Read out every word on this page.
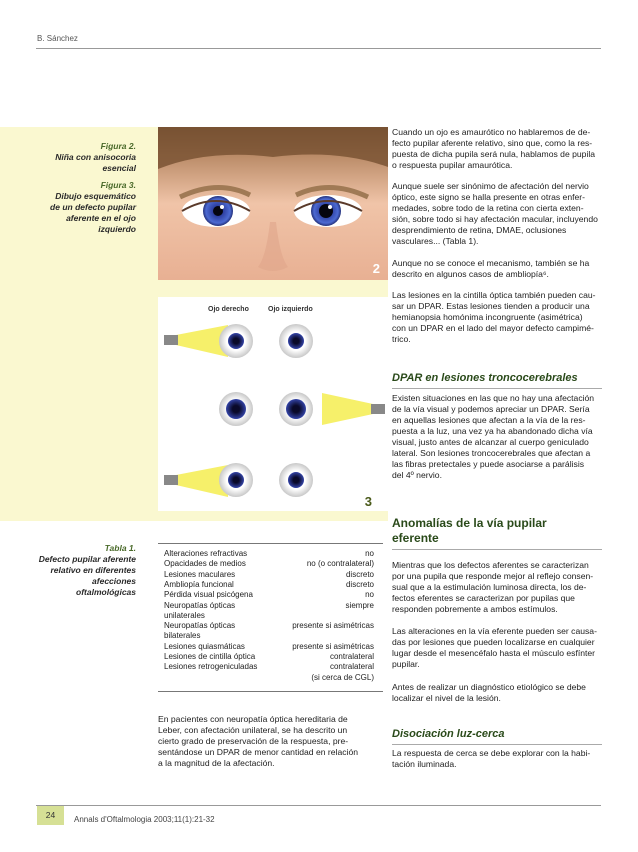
B. Sánchez
24	Annals d'Oftalmologia 2003;11(1):21-32
Figura 2.
Niña con anisocoria
esencial
Figura 3.
Dibujo esquemático
de un defecto pupilar
aferente en el ojo
izquierdo
2
Ojo derecho	Ojo izquierdo
3
Tabla 1.
Defecto pupilar aferente
relativo en diferentes
afecciones oftalmológicas
Alteraciones refractivas	no
Opacidades de medios	no (o contralateral)
Lesiones maculares	discreto
Ambliopía funcional	discreto
Pérdida visual psicógena	no
Neuropatías ópticas	siempre
unilaterales
Neuropatías ópticas	presente si asimétricas
bilaterales
Lesiones quiasmáticas	presente si asimétricas
Lesiones de cintilla óptica	contralateral
Lesiones retrogeniculadas	contralateral
(si cerca de CGL)
En pacientes con neuropatía óptica hereditaria de
Leber, con afectación unilateral, se ha descrito un
cierto grado de preservación de la respuesta, pre-
sentándose un DPAR de menor cantidad en relación
a la magnitud de la afectación.
Cuando un ojo es amaurótico no hablaremos de de-
fecto pupilar aferente relativo, sino que, como la res-
puesta de dicha pupila será nula, hablamos de pupila
o respuesta pupilar amaurótica.
Aunque suele ser sinónimo de afectación del nervio
óptico, este signo se halla presente en otras enfer-
medades, sobre todo de la retina con cierta exten-
sión, sobre todo si hay afectación macular, incluyendo
desprendimiento de retina, DMAE, oclusiones
vasculares... (Tabla 1).
Aunque no se conoce el mecanismo, también se ha
descrito en algunos casos de ambliopía⁶.
Las lesiones en la cintilla óptica también pueden cau-
sar un DPAR. Estas lesiones tienden a producir una
hemianopsia homónima incongruente (asimétrica)
con un DPAR en el lado del mayor defecto campimé-
trico.
DPAR en lesiones troncocerebrales
Existen situaciones en las que no hay una afectación
de la vía visual y podemos apreciar un DPAR. Sería
en aquellas lesiones que afectan a la vía de la res-
puesta a la luz, una vez ya ha abandonado dicha vía
visual, justo antes de alcanzar al cuerpo geniculado
lateral. Son lesiones troncocerebrales que afectan a
las fibras pretectales y puede asociarse a parálisis
del 4º nervio.
Anomalías de la vía pupilar
eferente
Mientras que los defectos aferentes se caracterizan
por una pupila que responde mejor al reflejo consen-
sual que a la estimulación luminosa directa, los de-
fectos eferentes se caracterizan por pupilas que
responden pobremente a ambos estímulos.
Las alteraciones en la vía eferente pueden ser causa-
das por lesiones que pueden localizarse en cualquier
lugar desde el mesencéfalo hasta el músculo esfínter
pupilar.
Antes de realizar un diagnóstico etiológico se debe
localizar el nivel de la lesión.
Disociación luz-cerca
La respuesta de cerca se debe explorar con la habi-
tación iluminada.
